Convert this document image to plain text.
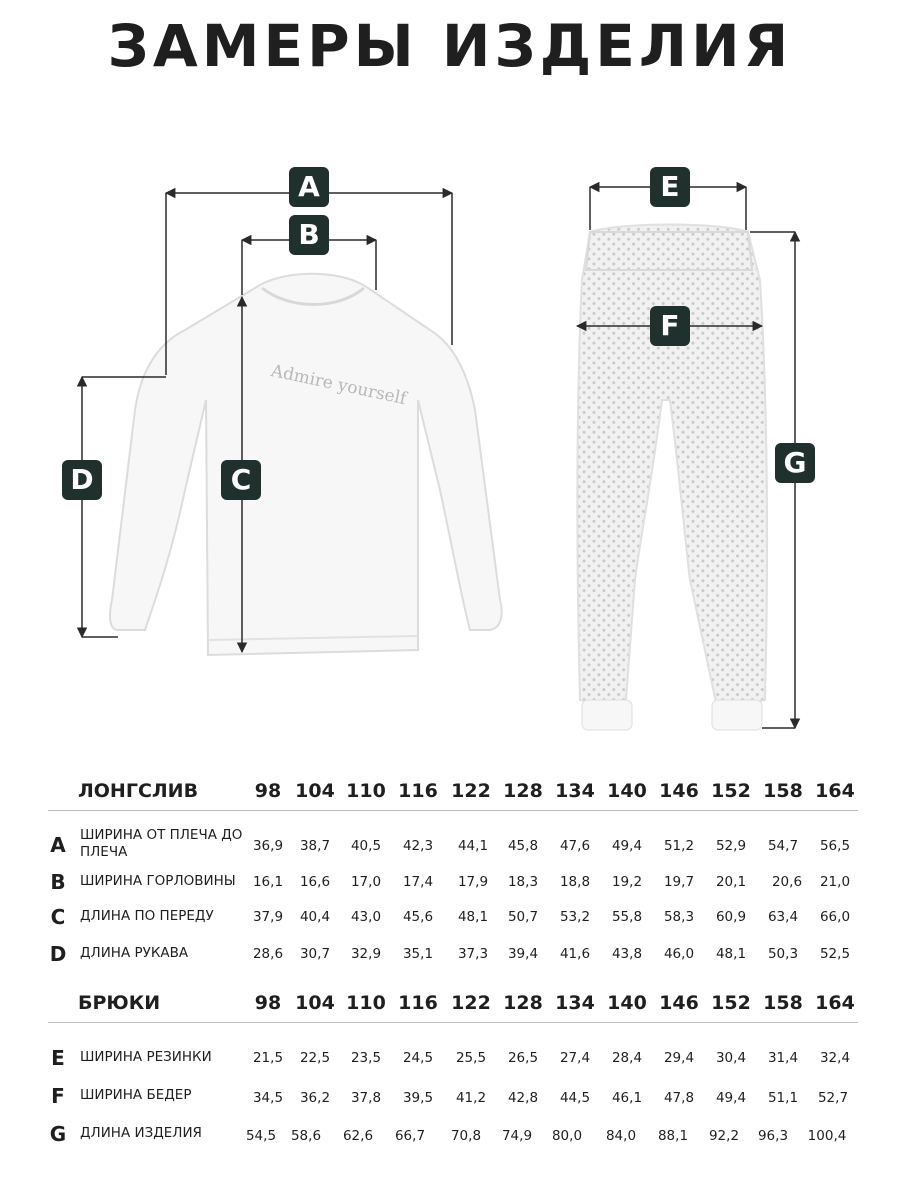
ЗАМЕРЫ ИЗДЕЛИЯ
Admire yourself
A
B
C
D
E
F
G
ЛОНГСЛИВ	98 104 110 116 122 128 134 140 146 152 158 164
A ШИРИНА ОТ ПЛЕЧА ДО ПЛЕЧА	36,9	38,7	40,5	42,3	44,1	45,8	47,6	49,4	51,2	52,9	54,7	56,5
B ШИРИНА ГОРЛОВИНЫ	16,1	16,6	17,0	17,4	17,9	18,3	18,8	19,2	19,7	20,1	20,6	21,0
C ДЛИНА ПО ПЕРЕДУ	37,9	40,4	43,0	45,6	48,1	50,7	53,2	55,8	58,3	60,9	63,4	66,0
D ДЛИНА РУКАВА	28,6	30,7	32,9	35,1	37,3	39,4	41,6	43,8	46,0	48,1	50,3	52,5
БРЮКИ	98 104 110 116 122 128 134 140 146 152 158 164
E ШИРИНА РЕЗИНКИ	21,5	22,5	23,5	24,5	25,5	26,5	27,4	28,4	29,4	30,4	31,4	32,4
F ШИРИНА БЕДЕР	34,5	36,2	37,8	39,5	41,2	42,8	44,5	46,1	47,8	49,4	51,1	52,7
G ДЛИНА ИЗДЕЛИЯ	54,5	58,6	62,6	66,7	70,8	74,9	80,0	84,0	88,1	92,2	96,3	100,4
